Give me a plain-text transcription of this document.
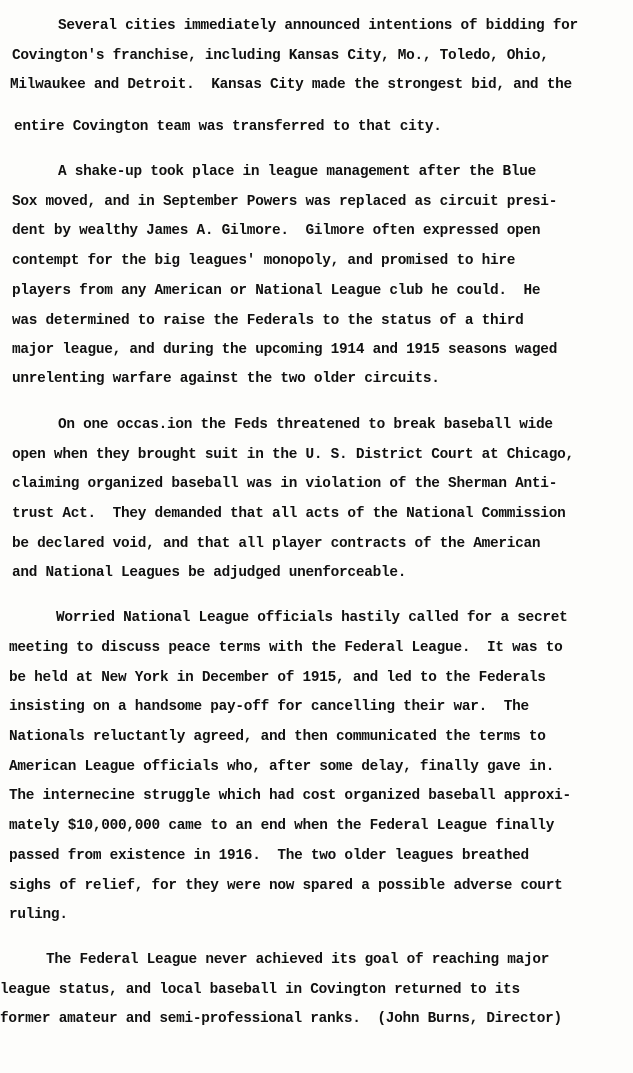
Several cities immediately announced intentions of bidding for
Covington's franchise, including Kansas City, Mo., Toledo, Ohio,
Milwaukee and Detroit.  Kansas City made the strongest bid, and the
entire Covington team was transferred to that city.
A shake-up took place in league management after the Blue
Sox moved, and in September Powers was replaced as circuit presi-
dent by wealthy James A. Gilmore.  Gilmore often expressed open
contempt for the big leagues' monopoly, and promised to hire
players from any American or National League club he could.  He
was determined to raise the Federals to the status of a third
major league, and during the upcoming 1914 and 1915 seasons waged
unrelenting warfare against the two older circuits.
On one occas.ion the Feds threatened to break baseball wide
open when they brought suit in the U. S. District Court at Chicago,
claiming organized baseball was in violation of the Sherman Anti-
trust Act.  They demanded that all acts of the National Commission
be declared void, and that all player contracts of the American
and National Leagues be adjudged unenforceable.
Worried National League officials hastily called for a secret
meeting to discuss peace terms with the Federal League.  It was to
be held at New York in December of 1915, and led to the Federals
insisting on a handsome pay-off for cancelling their war.  The
Nationals reluctantly agreed, and then communicated the terms to
American League officials who, after some delay, finally gave in.
The internecine struggle which had cost organized baseball approxi-
mately $10,000,000 came to an end when the Federal League finally
passed from existence in 1916.  The two older leagues breathed
sighs of relief, for they were now spared a possible adverse court
ruling.
The Federal League never achieved its goal of reaching major
league status, and local baseball in Covington returned to its
former amateur and semi-professional ranks.  (John Burns, Director)
